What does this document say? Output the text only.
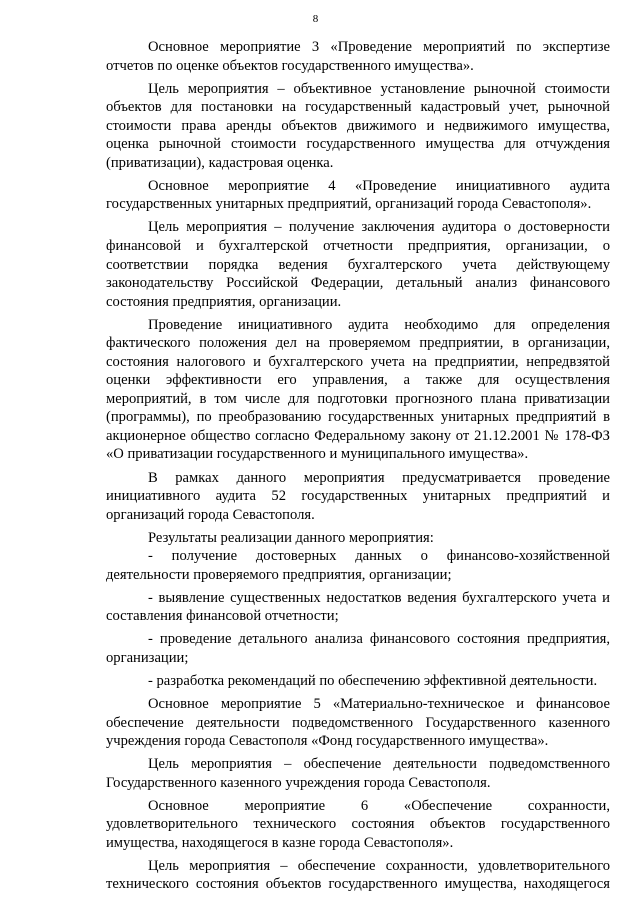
8

Основное мероприятие 3 «Проведение мероприятий по экспертизе отчетов по оценке объектов государственного имущества».

Цель мероприятия – объективное установление рыночной стоимости объектов для постановки на государственный кадастровый учет, рыночной стоимости права аренды объектов движимого и недвижимого имущества, оценка рыночной стоимости государственного имущества для отчуждения (приватизации), кадастровая оценка.

Основное мероприятие 4 «Проведение инициативного аудита государственных унитарных предприятий, организаций города Севастополя».

Цель мероприятия – получение заключения аудитора о достоверности финансовой и бухгалтерской отчетности предприятия, организации, о соответствии порядка ведения бухгалтерского учета действующему законодательству Российской Федерации, детальный анализ финансового состояния предприятия, организации.

Проведение инициативного аудита необходимо для определения фактического положения дел на проверяемом предприятии, в организации, состояния налогового и бухгалтерского учета на предприятии, непредвзятой оценки эффективности его управления, а также для осуществления мероприятий, в том числе для подготовки прогнозного плана приватизации (программы), по преобразованию государственных унитарных предприятий в акционерное общество согласно Федеральному закону от 21.12.2001 № 178-ФЗ «О приватизации государственного и муниципального имущества».

В рамках данного мероприятия предусматривается проведение инициативного аудита 52 государственных унитарных предприятий и организаций города Севастополя.

Результаты реализации данного мероприятия:

- получение достоверных данных о финансово-хозяйственной деятельности проверяемого предприятия, организации;

- выявление существенных недостатков ведения бухгалтерского учета и составления финансовой отчетности;

- проведение детального анализа финансового состояния предприятия, организации;

- разработка рекомендаций по обеспечению эффективной деятельности.

Основное мероприятие 5 «Материально-техническое и финансовое обеспечение деятельности подведомственного Государственного казенного учреждения города Севастополя «Фонд государственного имущества».

Цель мероприятия – обеспечение деятельности подведомственного Государственного казенного учреждения города Севастополя.

Основное мероприятие 6 «Обеспечение сохранности, удовлетворительного технического состояния объектов государственного имущества, находящегося в казне города Севастополя».

Цель мероприятия – обеспечение сохранности, удовлетворительного технического состояния объектов государственного имущества, находящегося
